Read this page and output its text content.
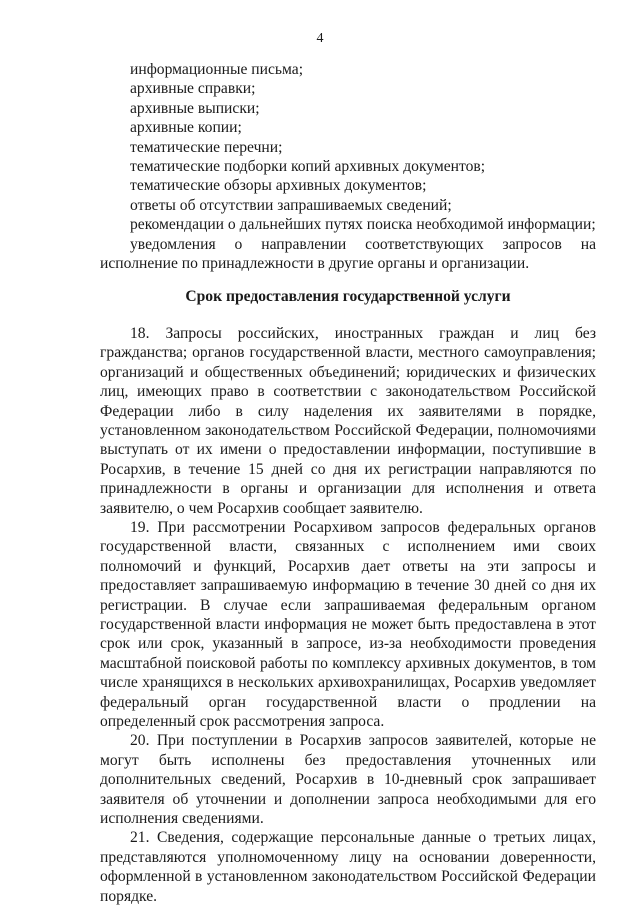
4

информационные письма;

архивные справки;

архивные выписки;

архивные копии;

тематические перечни;

тематические подборки копий архивных документов;

тематические обзоры архивных документов;

ответы об отсутствии запрашиваемых сведений;

рекомендации о дальнейших путях поиска необходимой информации;

уведомления о направлении соответствующих запросов на исполнение по принадлежности в другие органы и организации.

Срок предоставления государственной услуги

18. Запросы российских, иностранных граждан и лиц без гражданства; органов государственной власти, местного самоуправления; организаций и общественных объединений; юридических и физических лиц, имеющих право в соответствии с законодательством Российской Федерации либо в силу наделения их заявителями в порядке, установленном законодательством Российской Федерации, полномочиями выступать от их имени о предоставлении информации, поступившие в Росархив, в течение 15 дней со дня их регистрации направляются по принадлежности в органы и организации для исполнения и ответа заявителю, о чем Росархив сообщает заявителю.

19. При рассмотрении Росархивом запросов федеральных органов государственной власти, связанных с исполнением ими своих полномочий и функций, Росархив дает ответы на эти запросы и предоставляет запрашиваемую информацию в течение 30 дней со дня их регистрации. В случае если запрашиваемая федеральным органом государственной власти информация не может быть предоставлена в этот срок или срок, указанный в запросе, из-за необходимости проведения масштабной поисковой работы по комплексу архивных документов, в том числе хранящихся в нескольких архивохранилищах, Росархив уведомляет федеральный орган государственной власти о продлении на определенный срок рассмотрения запроса.

20. При поступлении в Росархив запросов заявителей, которые не могут быть исполнены без предоставления уточненных или дополнительных сведений, Росархив в 10-дневный срок запрашивает заявителя об уточнении и дополнении запроса необходимыми для его исполнения сведениями.

21. Сведения, содержащие персональные данные о третьих лицах, представляются уполномоченному лицу на основании доверенности, оформленной в установленном законодательством Российской Федерации порядке.
